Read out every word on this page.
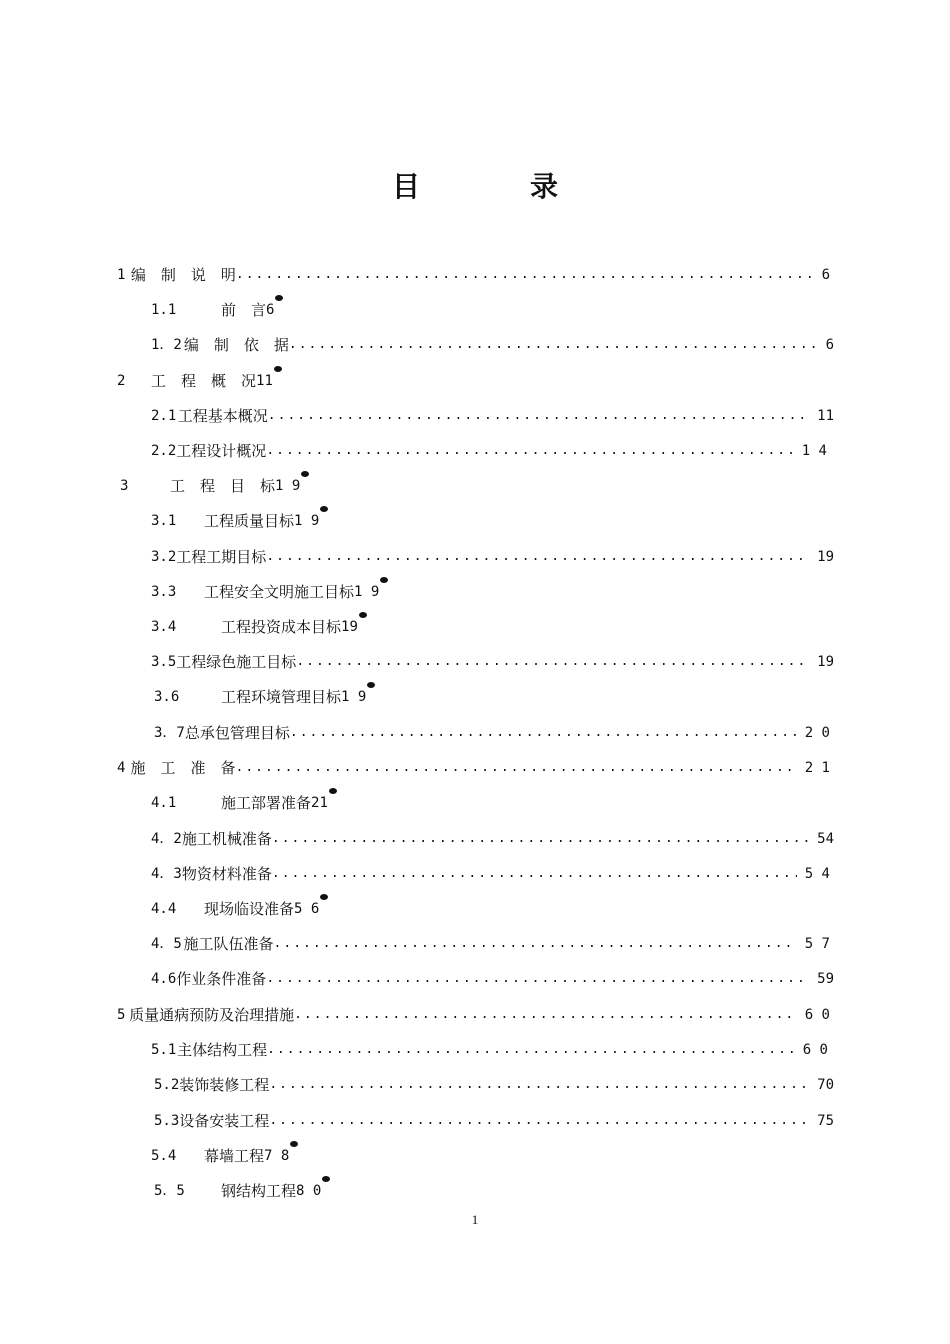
目	录
1 编　制　说　明 .....	6
1.1	前　言 6
1．2 编　制　依　据 .....	6
2	工　程　概　况 11
2.1 工程基本概况 .....	11
2.2 工程设计概况 .....	1 4
3	工　程　目　标 1 9
3.1	工程质量目标 1 9
3.2 工程工期目标 .....	19
3.3	工程安全文明施工目标 1 9
3.4	工程投资成本目标 19
3.5 工程绿色施工目标 .....	19
3.6	工程环境管理目标 1 9
3．7 总承包管理目标 .....	2 0
4 施　工　准　备 .....	2 1
4.1	施工部署准备 21
4．2 施工机械准备 .....	54
4．3 物资材料准备 .....	5 4
4.4	现场临设准备 5 6
4．5 施工队伍准备 .....	5 7
4.6 作业条件准备 .....	59
5 质量通病预防及治理措施 .....	6 0
5.1 主体结构工程 .....	6 0
5.2 装饰装修工程 .....	70
5.3 设备安装工程 .....	75
5.4	幕墙工程 7 8
5．5	钢结构工程 8 0
1
